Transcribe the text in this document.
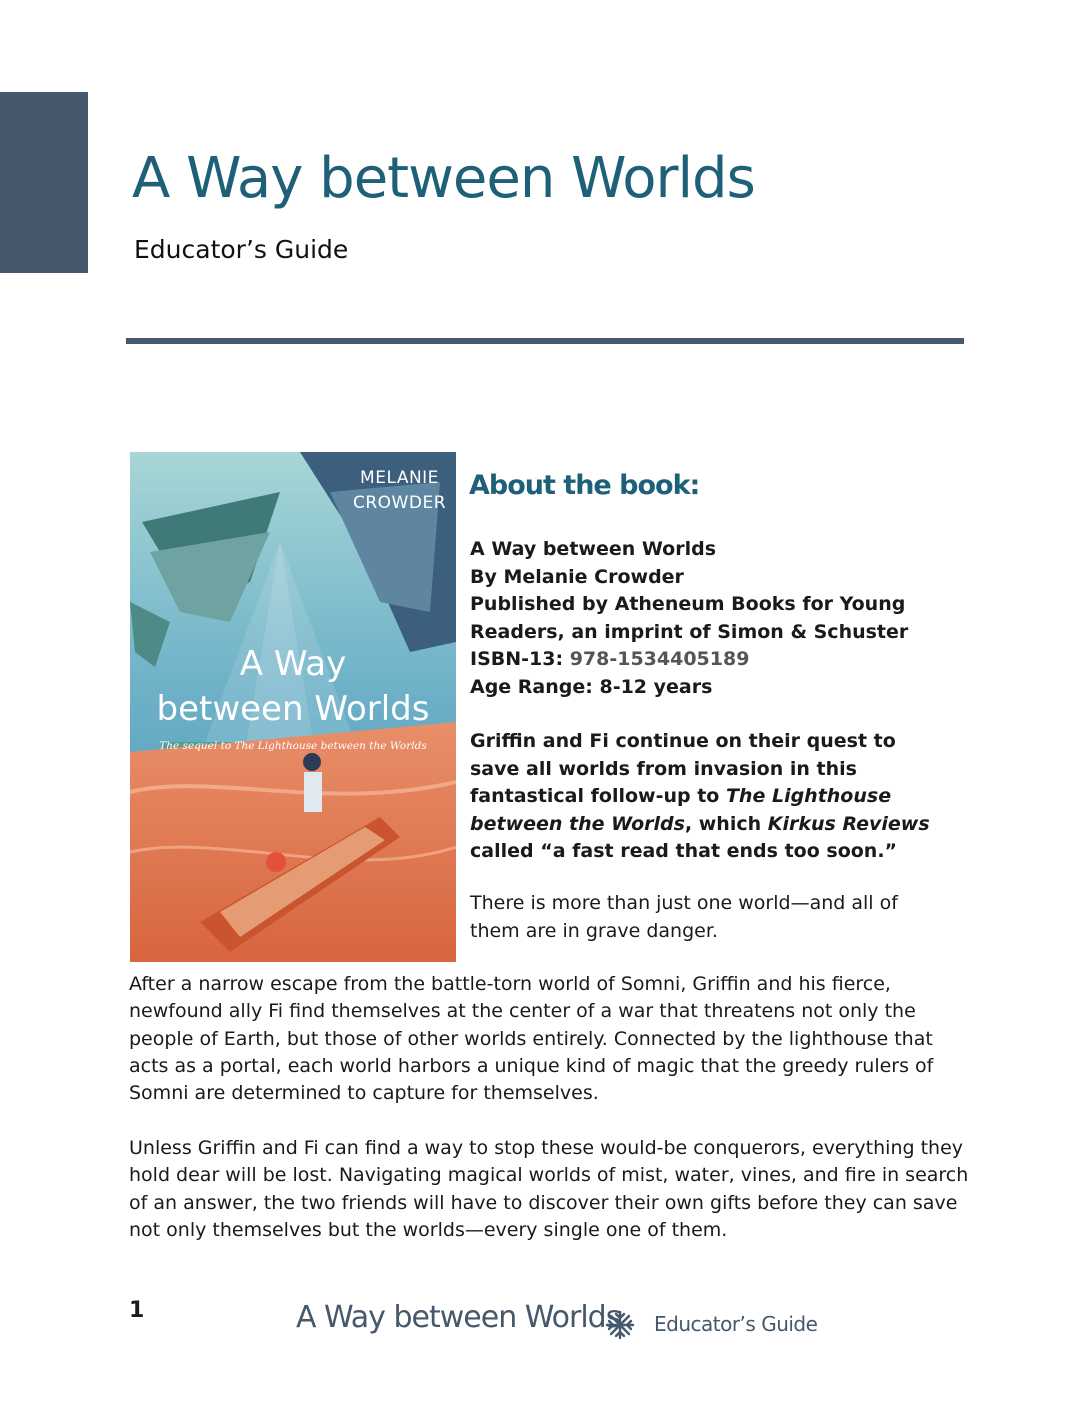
A Way between Worlds
Educator’s Guide
MELANIE
CROWDER
A Way
between Worlds
The sequel to The Lighthouse between the Worlds
About the book:
A Way between Worlds
By Melanie Crowder
Published by Atheneum Books for Young
Readers, an imprint of Simon & Schuster
ISBN-13: 978-1534405189
Age Range: 8-12 years
Griffin and Fi continue on their quest to save all worlds from invasion in this fantastical follow-up to The Lighthouse between the Worlds, which Kirkus Reviews called “a fast read that ends too soon.”
There is more than just one world—and all of them are in grave danger.

After a narrow escape from the battle-torn world of Somni, Griffin and his fierce, newfound ally Fi find themselves at the center of a war that threatens not only the people of Earth, but those of other worlds entirely. Connected by the lighthouse that acts as a portal, each world harbors a unique kind of magic that the greedy rulers of Somni are determined to capture for themselves.

Unless Griffin and Fi can find a way to stop these would-be conquerors, everything they hold dear will be lost. Navigating magical worlds of mist, water, vines, and fire in search of an answer, the two friends will have to discover their own gifts before they can save not only themselves but the worlds—every single one of them.

1	A Way between Worlds Educator’s Guide
